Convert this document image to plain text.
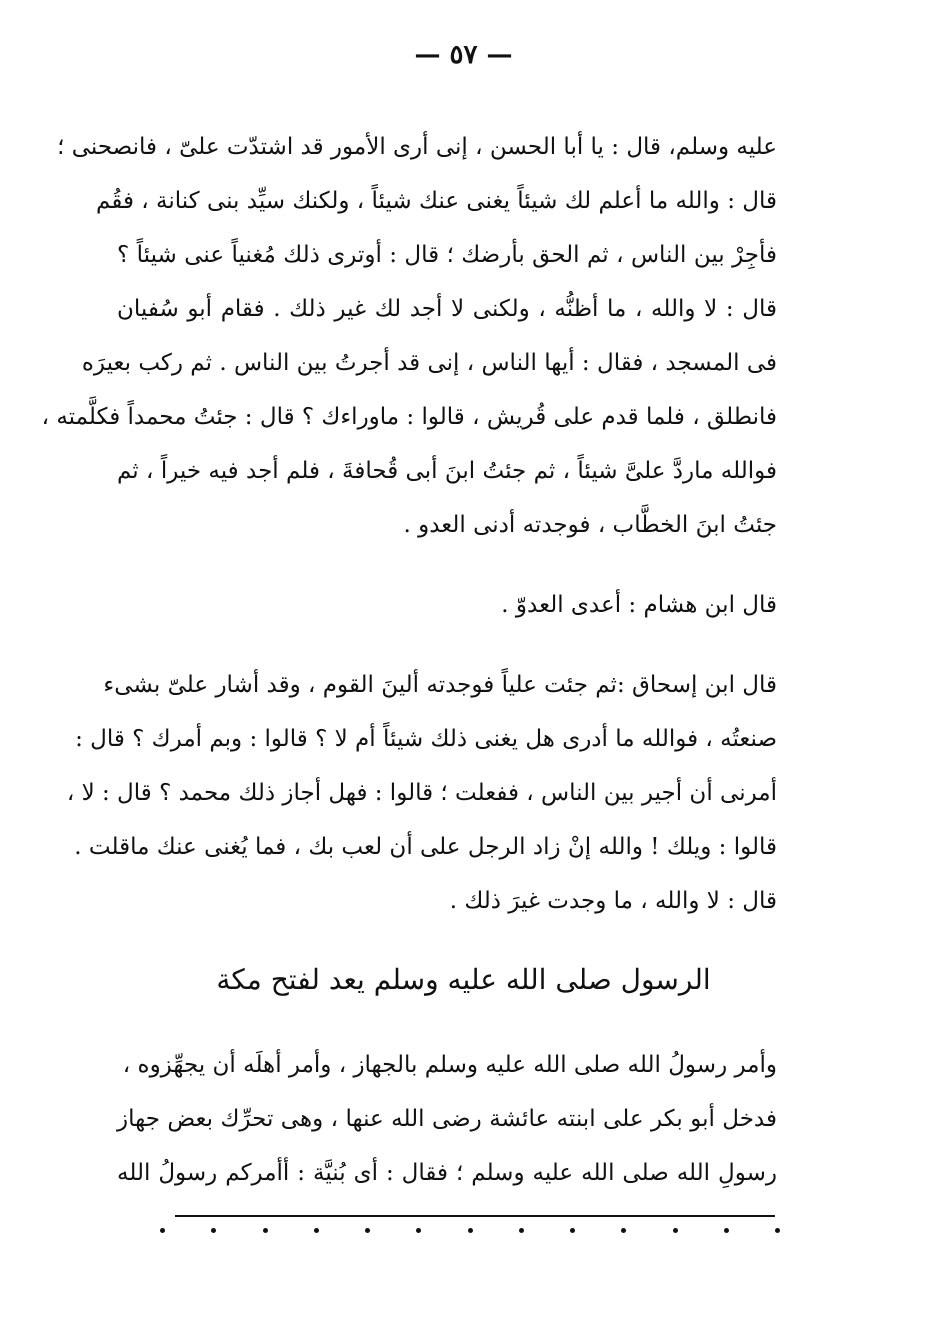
— ٥٧ —
عليه وسلم، قال : يا أبا الحسن ، إنى أرى الأمور قد اشتدّت علىّ ، فانصحنى ؛
قال : والله ما أعلم لك شيئاً يغنى عنك شيئاً ، ولكنك سيِّد بنى كنانة ، فقُم
فأجِرْ بين الناس ، ثم الحق بأرضك ؛ قال : أوترى ذلك مُغنياً عنى شيئاً ؟
قال : لا والله ، ما أظنُّه ، ولكنى لا أجد لك غير ذلك . فقام أبو سُفيان
فى المسجد ، فقال : أيها الناس ، إنى قد أجرتُ بين الناس . ثم ركب بعيرَه
فانطلق ، فلما قدم على قُريش ، قالوا : ماوراءك ؟ قال : جئتُ محمداً فكلَّمته ،
فوالله ماردَّ علىَّ شيئاً ، ثم جئتُ ابنَ أبى قُحافةَ ، فلم أجد فيه خيراً ، ثم
جئتُ ابنَ الخطَّاب ، فوجدته أدنى العدو .
قال ابن هشام : أعدى العدوّ .
قال ابن إسحاق :ثم جئت علياً فوجدته ألينَ القوم ، وقد أشار علىّ بشىء
صنعتُه ، فوالله ما أدرى هل يغنى ذلك شيئاً أم لا ؟ قالوا : وبم أمرك ؟ قال :
أمرنى أن أجير بين الناس ، ففعلت ؛ قالوا : فهل أجاز ذلك محمد ؟ قال : لا ،
قالوا : ويلك ! والله إنْ زاد الرجل على أن لعب بك ، فما يُغنى عنك ماقلت .
قال : لا والله ، ما وجدت غيرَ ذلك .
الرسول صلى الله عليه وسلم يعد لفتح مكة
وأمر رسولُ الله صلى الله عليه وسلم بالجهاز ، وأمر أهلَه أن يجهِّزوه ،
فدخل أبو بكر على ابنته عائشة رضى الله عنها ، وهى تحرِّك بعض جهاز
رسولِ الله صلى الله عليه وسلم ؛ فقال : أى بُنيَّة : أأمركم رسولُ الله
